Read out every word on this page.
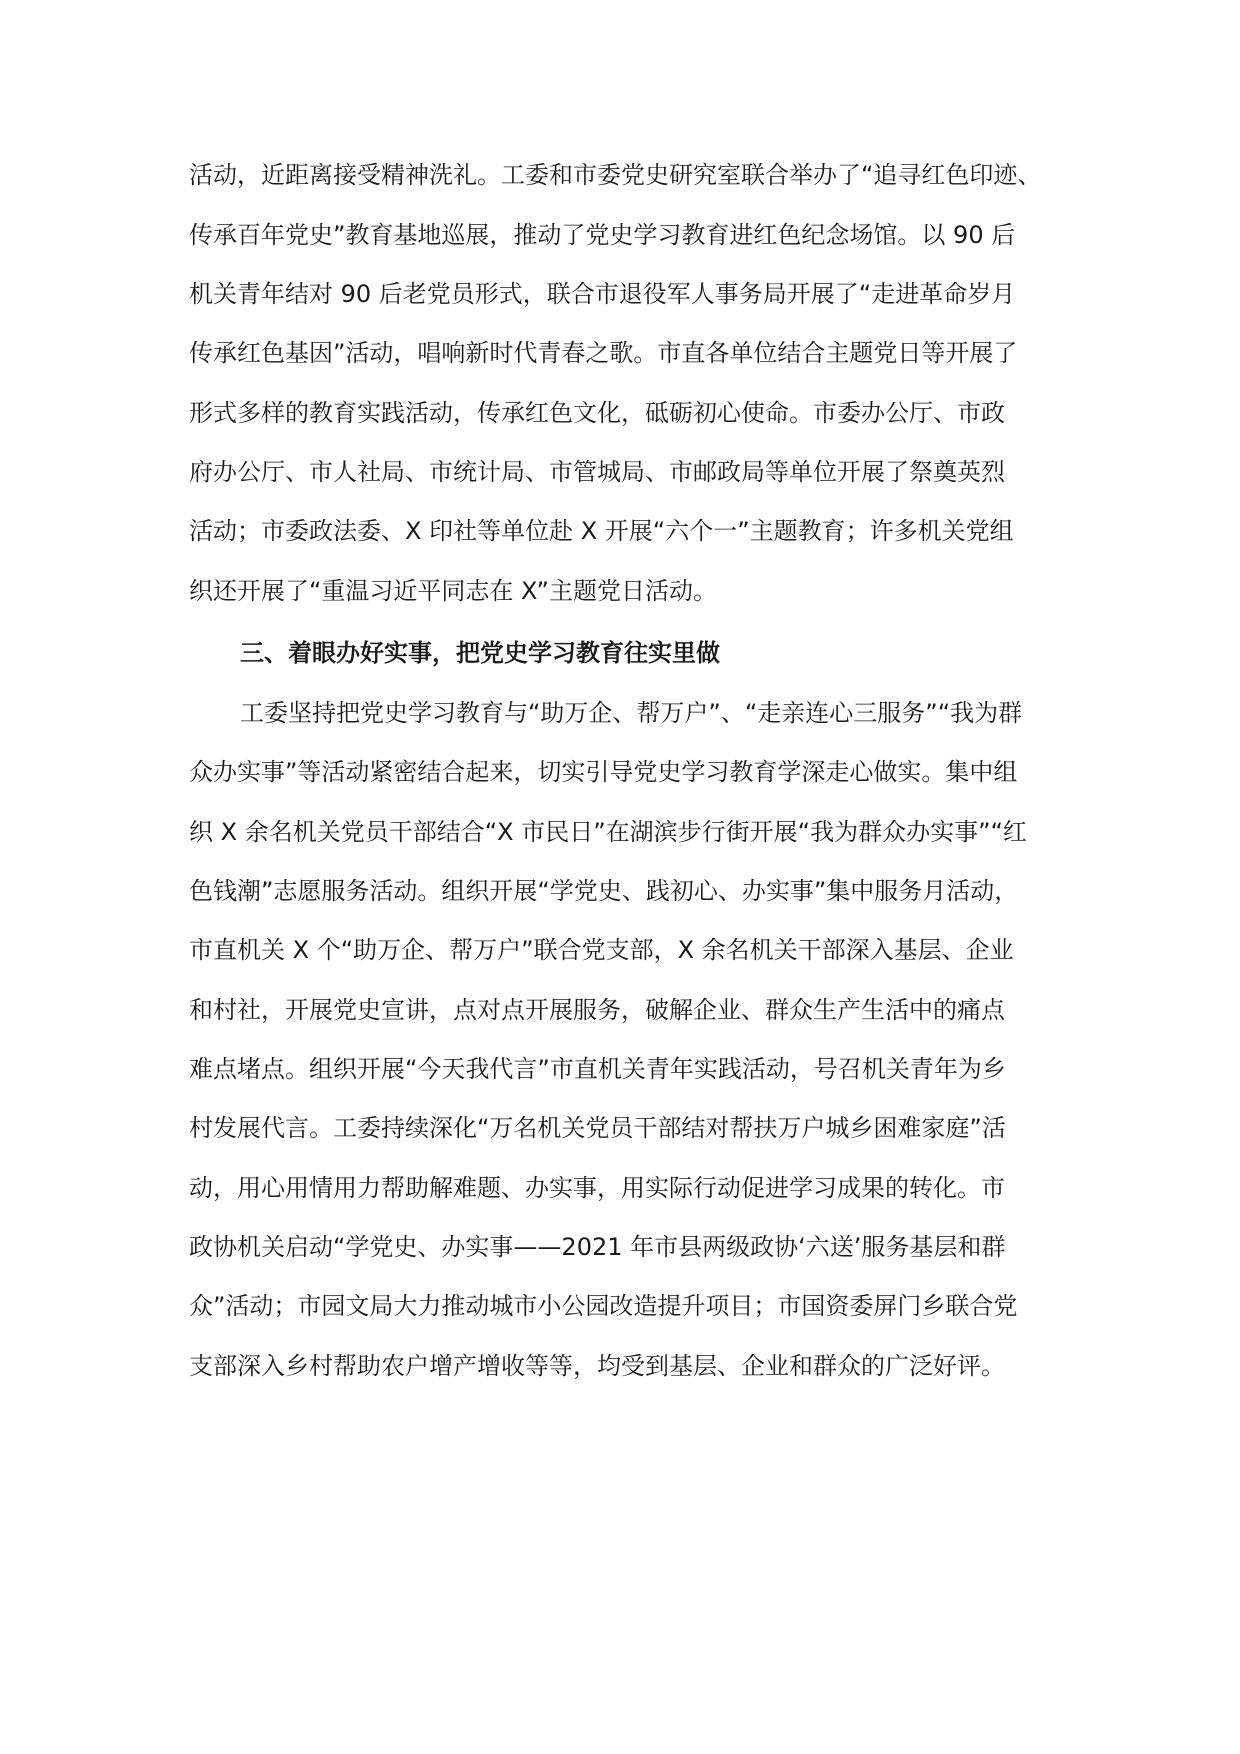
活动，近距离接受精神洗礼。工委和市委党史研究室联合举办了“追寻红色印迹、
传承百年党史”教育基地巡展，推动了党史学习教育进红色纪念场馆。以 90 后
机关青年结对 90 后老党员形式，联合市退役军人事务局开展了“走进革命岁月
传承红色基因”活动，唱响新时代青春之歌。市直各单位结合主题党日等开展了
形式多样的教育实践活动，传承红色文化，砥砺初心使命。市委办公厅、市政
府办公厅、市人社局、市统计局、市管城局、市邮政局等单位开展了祭奠英烈
活动；市委政法委、X 印社等单位赴 X 开展“六个一”主题教育；许多机关党组
织还开展了“重温习近平同志在 X”主题党日活动。
三、着眼办好实事，把党史学习教育往实里做
工委坚持把党史学习教育与“助万企、帮万户”、“走亲连心三服务”“我为群
众办实事”等活动紧密结合起来，切实引导党史学习教育学深走心做实。集中组
织 X 余名机关党员干部结合“X 市民日”在湖滨步行街开展“我为群众办实事”“红
色钱潮”志愿服务活动。组织开展“学党史、践初心、办实事”集中服务月活动，
市直机关 X 个“助万企、帮万户”联合党支部，X 余名机关干部深入基层、企业
和村社，开展党史宣讲，点对点开展服务，破解企业、群众生产生活中的痛点
难点堵点。组织开展“今天我代言”市直机关青年实践活动，号召机关青年为乡
村发展代言。工委持续深化“万名机关党员干部结对帮扶万户城乡困难家庭”活
动，用心用情用力帮助解难题、办实事，用实际行动促进学习成果的转化。市
政协机关启动“学党史、办实事——2021 年市县两级政协‘六送’服务基层和群
众”活动；市园文局大力推动城市小公园改造提升项目；市国资委屏门乡联合党
支部深入乡村帮助农户增产增收等等，均受到基层、企业和群众的广泛好评。
